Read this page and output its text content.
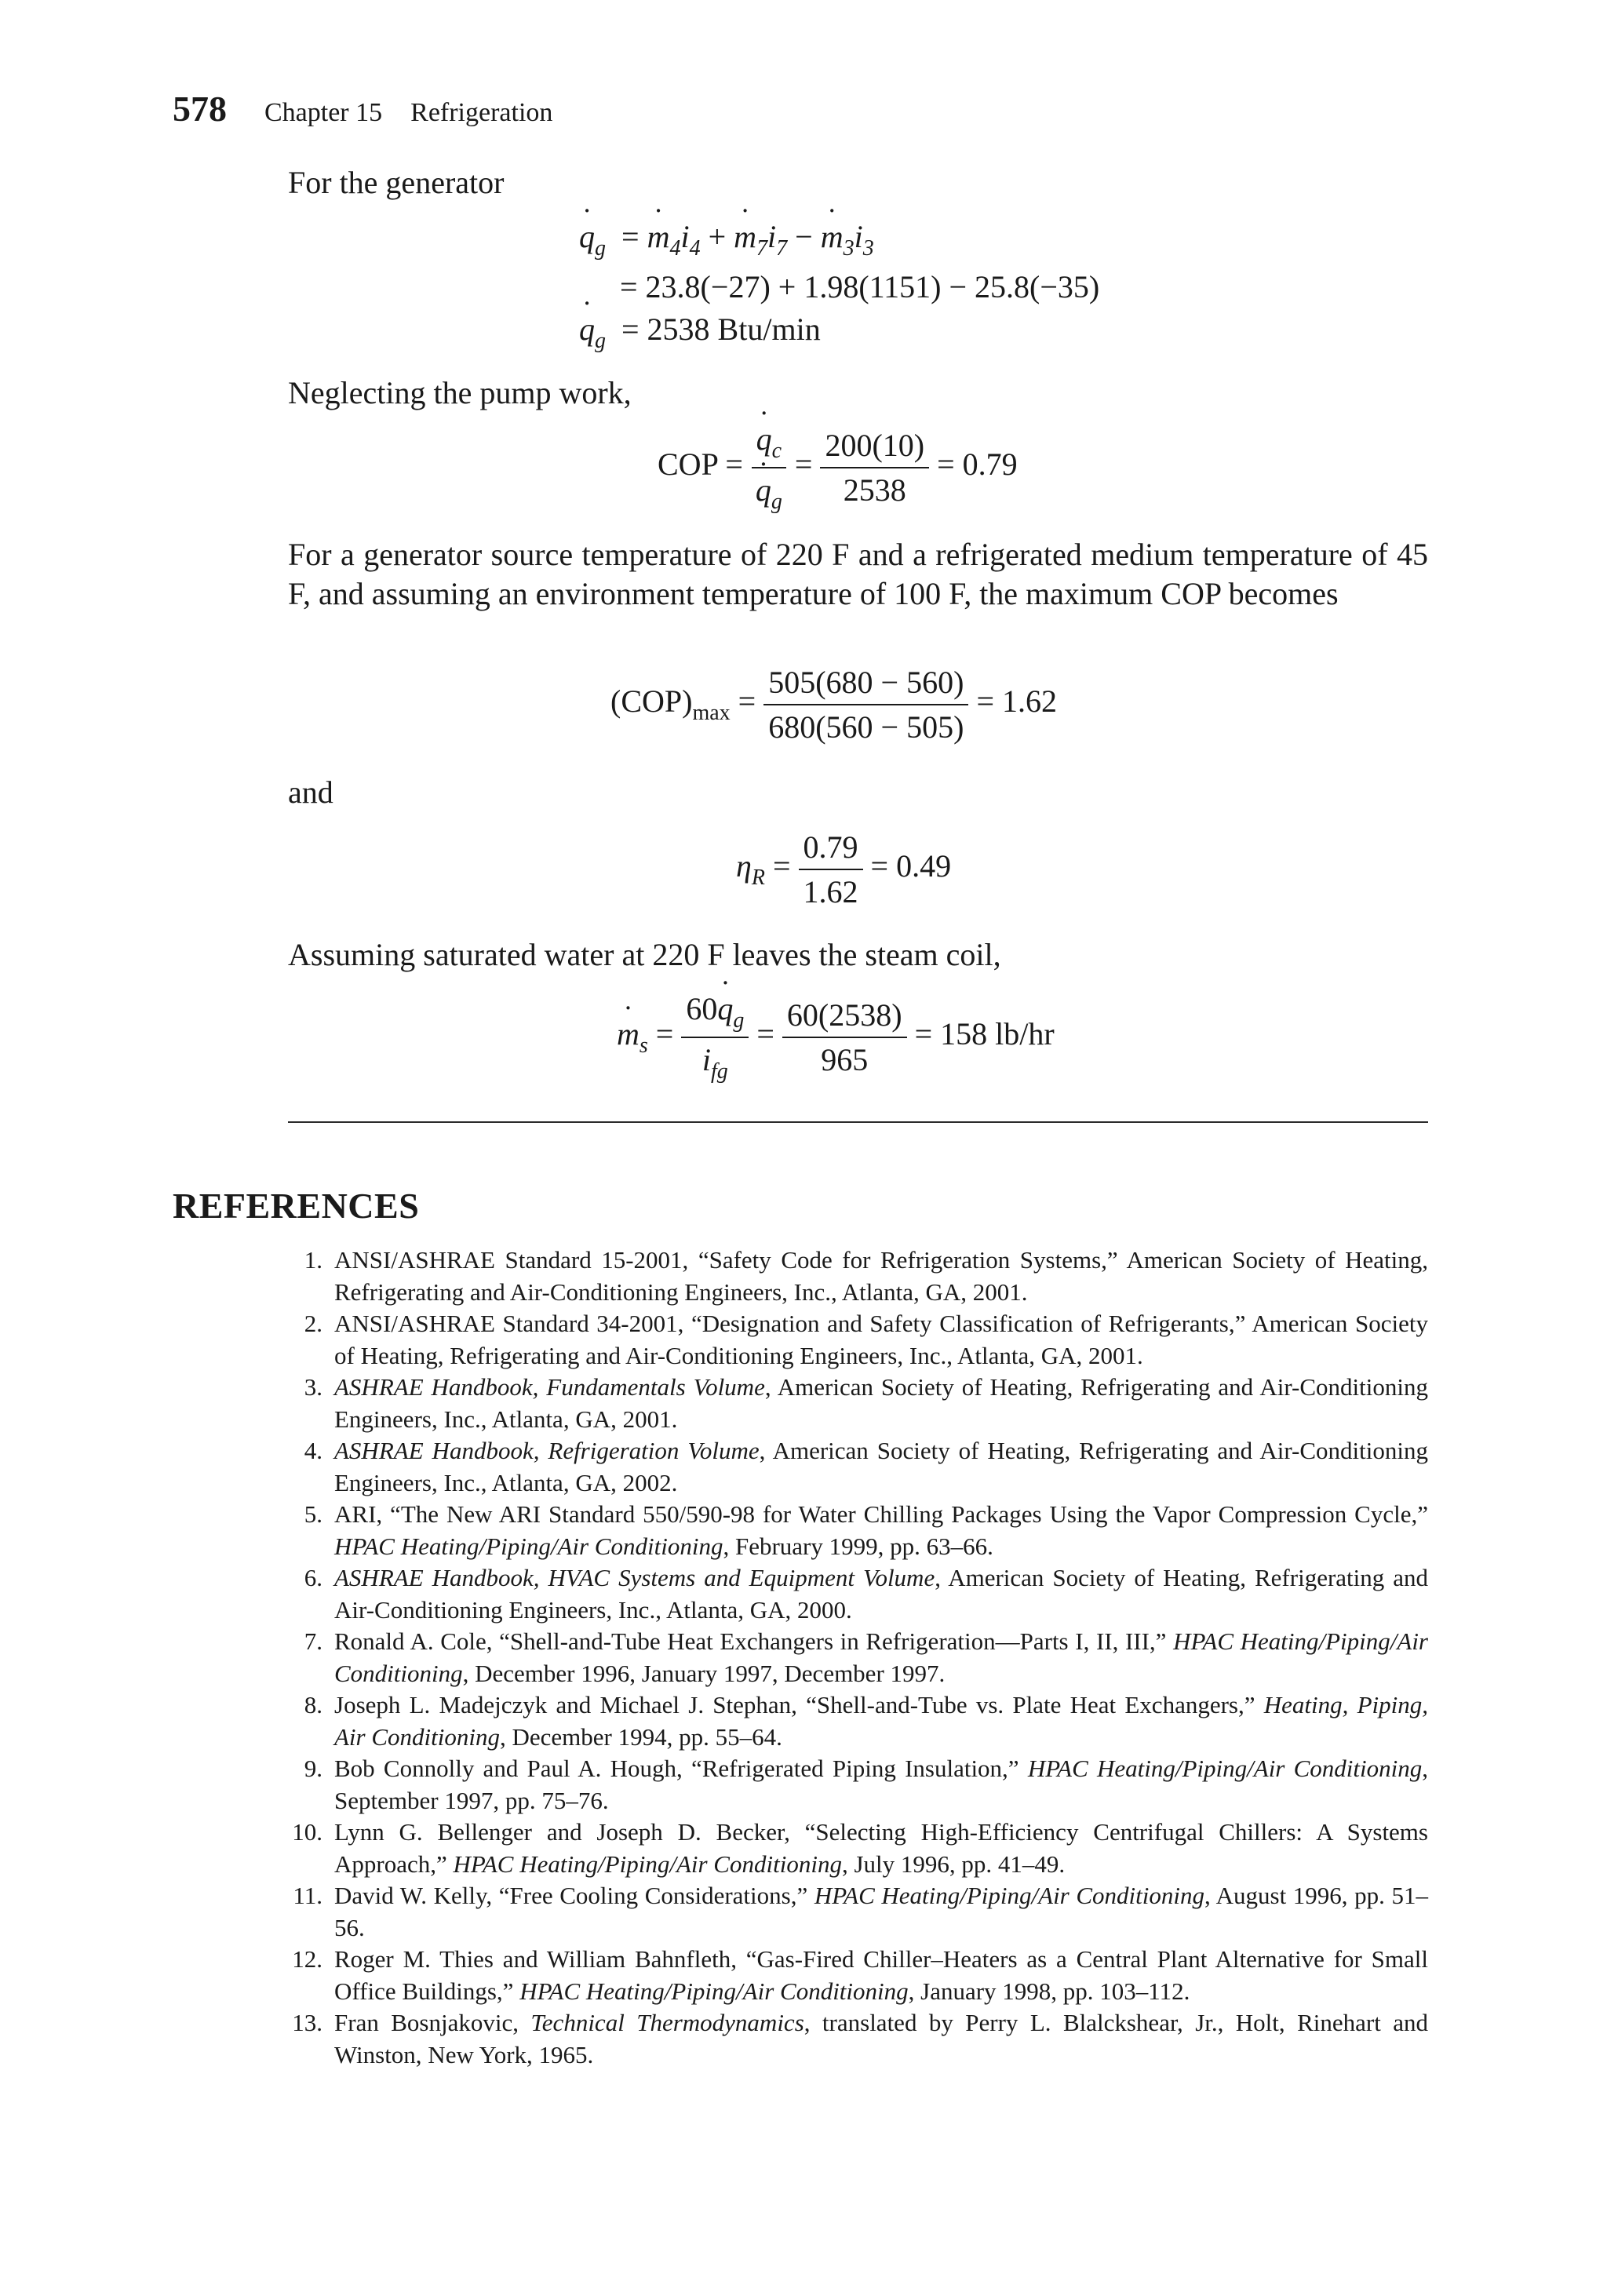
578 Chapter 15 Refrigeration
For the generator
˙ $q_g$  = ˙ $m_4i_4$ + ˙ $m_7i_7$ − ˙ $m_3i_3$
= 23.8(−27) + 1.98(1151) − 25.8(−35)
˙ $q_g = 2538$ Btu/min
Neglecting the pump work,
COP =
˙ $q_c$
˙ $q_g = \frac{200(10)}{2538} = 0.79$
For a generator source temperature of 220 F and a refrigerated medium temperature of 45 F, and assuming an environment temperature of 100 F, the maximum COP becomes
$(COP)_{max} = \frac{505(680 - 560)}{680(560 - 505)} = 1.62$
and
$\eta_R = \frac{0.79}{1.62} = 0.49$
Assuming saturated water at 220 F leaves the steam coil,
˙ $m_s = \frac{60˙ q_g}{i_{fg}} = \frac{60(2538)}{965} = 158$ lb/hr
REFERENCES
1. ANSI/ASHRAE Standard 15-2001, “Safety Code for Refrigeration Systems,” American Society of Heating, Refrigerating and Air-Conditioning Engineers, Inc., Atlanta, GA, 2001.
2. ANSI/ASHRAE Standard 34-2001, “Designation and Safety Classification of Refrigerants,” American Society of Heating, Refrigerating and Air-Conditioning Engineers, Inc., Atlanta, GA, 2001.
3. ASHRAE Handbook, Fundamentals Volume, American Society of Heating, Refrigerating and Air-Conditioning Engineers, Inc., Atlanta, GA, 2001.
4. ASHRAE Handbook, Refrigeration Volume, American Society of Heating, Refrigerating and Air-Conditioning Engineers, Inc., Atlanta, GA, 2002.
5. ARI, “The New ARI Standard 550/590-98 for Water Chilling Packages Using the Vapor Compression Cycle,” HPAC Heating/Piping/Air Conditioning, February 1999, pp. 63–66.
6. ASHRAE Handbook, HVAC Systems and Equipment Volume, American Society of Heating, Refrigerating and Air-Conditioning Engineers, Inc., Atlanta, GA, 2000.
7. Ronald A. Cole, “Shell-and-Tube Heat Exchangers in Refrigeration—Parts I, II, III,” HPAC Heating/Piping/Air Conditioning, December 1996, January 1997, December 1997.
8. Joseph L. Madejczyk and Michael J. Stephan, “Shell-and-Tube vs. Plate Heat Exchangers,” Heating, Piping, Air Conditioning, December 1994, pp. 55–64.
9. Bob Connolly and Paul A. Hough, “Refrigerated Piping Insulation,” HPAC Heating/Piping/Air Conditioning, September 1997, pp. 75–76.
10. Lynn G. Bellenger and Joseph D. Becker, “Selecting High-Efficiency Centrifugal Chillers: A Systems Approach,” HPAC Heating/Piping/Air Conditioning, July 1996, pp. 41–49.
11. David W. Kelly, “Free Cooling Considerations,” HPAC Heating/Piping/Air Conditioning, August 1996, pp. 51–56.
12. Roger M. Thies and William Bahnfleth, “Gas-Fired Chiller–Heaters as a Central Plant Alternative for Small Office Buildings,” HPAC Heating/Piping/Air Conditioning, January 1998, pp. 103–112.
13. Fran Bosnjakovic, Technical Thermodynamics, translated by Perry L. Blalckshear, Jr., Holt, Rinehart and Winston, New York, 1965.
